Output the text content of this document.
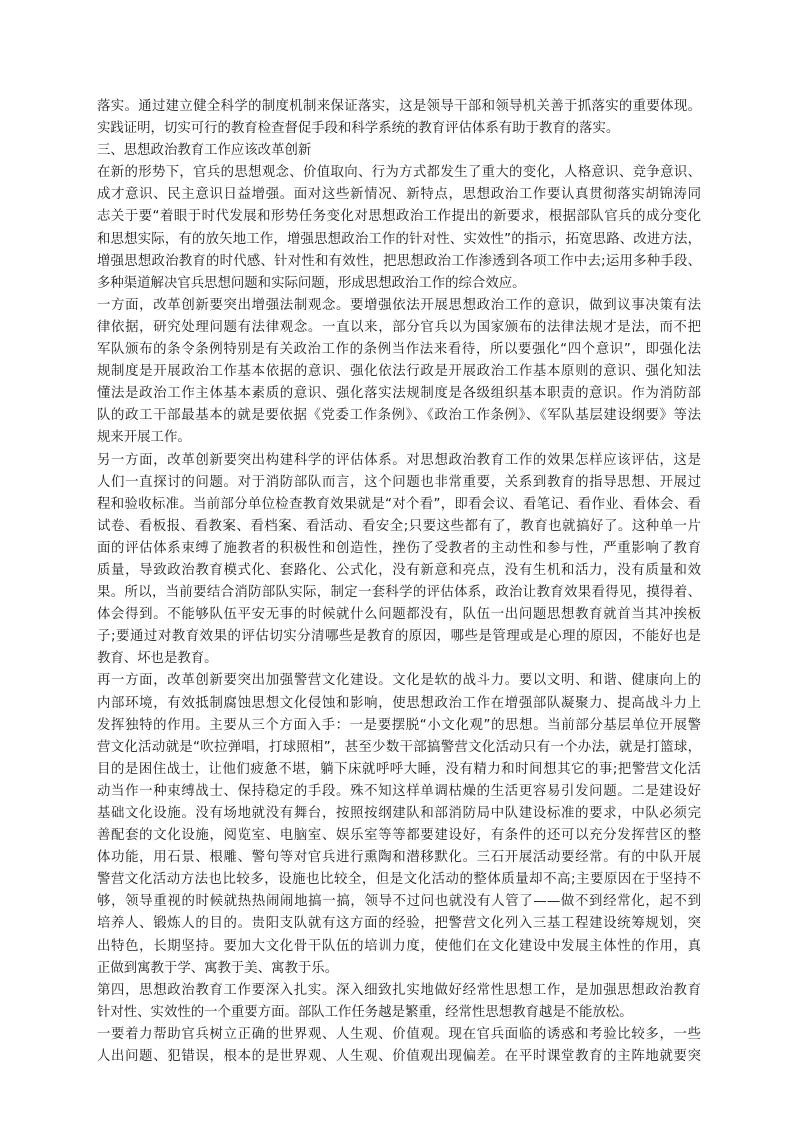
落实。通过建立健全科学的制度机制来保证落实，这是领导干部和领导机关善于抓落实的重要体现。
实践证明，切实可行的教育检查督促手段和科学系统的教育评估体系有助于教育的落实。
三、思想政治教育工作应该改革创新
在新的形势下，官兵的思想观念、价值取向、行为方式都发生了重大的变化，人格意识、竞争意识、
成才意识、民主意识日益增强。面对这些新情况、新特点，思想政治工作要认真贯彻落实胡锦涛同
志关于要“着眼于时代发展和形势任务变化对思想政治工作提出的新要求，根据部队官兵的成分变化
和思想实际，有的放矢地工作，增强思想政治工作的针对性、实效性”的指示，拓宽思路、改进方法，
增强思想政治教育的时代感、针对性和有效性，把思想政治工作渗透到各项工作中去;运用多种手段、
多种渠道解决官兵思想问题和实际问题，形成思想政治工作的综合效应。
一方面，改革创新要突出增强法制观念。要增强依法开展思想政治工作的意识，做到议事决策有法
律依据，研究处理问题有法律观念。一直以来，部分官兵以为国家颁布的法律法规才是法，而不把
军队颁布的条令条例特别是有关政治工作的条例当作法来看待，所以要强化“四个意识”，即强化法
规制度是开展政治工作基本依据的意识、强化依法行政是开展政治工作基本原则的意识、强化知法
懂法是政治工作主体基本素质的意识、强化落实法规制度是各级组织基本职责的意识。作为消防部
队的政工干部最基本的就是要依据《党委工作条例》、《政治工作条例》、《军队基层建设纲要》等法
规来开展工作。
另一方面，改革创新要突出构建科学的评估体系。对思想政治教育工作的效果怎样应该评估，这是
人们一直探讨的问题。对于消防部队而言，这个问题也非常重要，关系到教育的指导思想、开展过
程和验收标准。当前部分单位检查教育效果就是“对个看”，即看会议、看笔记、看作业、看体会、看
试卷、看板报、看教案、看档案、看活动、看安全;只要这些都有了，教育也就搞好了。这种单一片
面的评估体系束缚了施教者的积极性和创造性，挫伤了受教者的主动性和参与性，严重影响了教育
质量，导致政治教育模式化、套路化、公式化，没有新意和亮点，没有生机和活力，没有质量和效
果。所以，当前要结合消防部队实际，制定一套科学的评估体系，政治让教育效果看得见，摸得着、
体会得到。不能够队伍平安无事的时候就什么问题都没有，队伍一出问题思想教育就首当其冲挨板
子;要通过对教育效果的评估切实分清哪些是教育的原因，哪些是管理或是心理的原因，不能好也是
教育、坏也是教育。
再一方面，改革创新要突出加强警营文化建设。文化是软的战斗力。要以文明、和谐、健康向上的
内部环境，有效抵制腐蚀思想文化侵蚀和影响，使思想政治工作在增强部队凝聚力、提高战斗力上
发挥独特的作用。主要从三个方面入手：一是要摆脱“小文化观”的思想。当前部分基层单位开展警
营文化活动就是“吹拉弹唱，打球照相”，甚至少数干部搞警营文化活动只有一个办法，就是打篮球，
目的是困住战士，让他们疲惫不堪，躺下床就呼呼大睡，没有精力和时间想其它的事;把警营文化活
动当作一种束缚战士、保持稳定的手段。殊不知这样单调枯燥的生活更容易引发问题。二是建设好
基础文化设施。没有场地就没有舞台，按照按纲建队和部消防局中队建设标准的要求，中队必须完
善配套的文化设施，阅览室、电脑室、娱乐室等等都要建设好，有条件的还可以充分发挥营区的整
体功能，用石景、根雕、警句等对官兵进行熏陶和潜移默化。三石开展活动要经常。有的中队开展
警营文化活动方法也比较多，设施也比较全，但是文化活动的整体质量却不高;主要原因在于坚持不
够，领导重视的时候就热热闹闹地搞一搞，领导不过问也就没有人管了——做不到经常化，起不到
培养人、锻炼人的目的。贵阳支队就有这方面的经验，把警营文化列入三基工程建设统筹规划，突
出特色，长期坚持。要加大文化骨干队伍的培训力度，使他们在文化建设中发展主体性的作用，真
正做到寓教于学、寓教于美、寓教于乐。
第四，思想政治教育工作要深入扎实。深入细致扎实地做好经常性思想工作，是加强思想政治教育
针对性、实效性的一个重要方面。部队工作任务越是繁重，经常性思想教育越是不能放松。
一要着力帮助官兵树立正确的世界观、人生观、价值观。现在官兵面临的诱惑和考验比较多，一些
人出问题、犯错误，根本的是世界观、人生观、价值观出现偏差。在平时课堂教育的主阵地就要突
